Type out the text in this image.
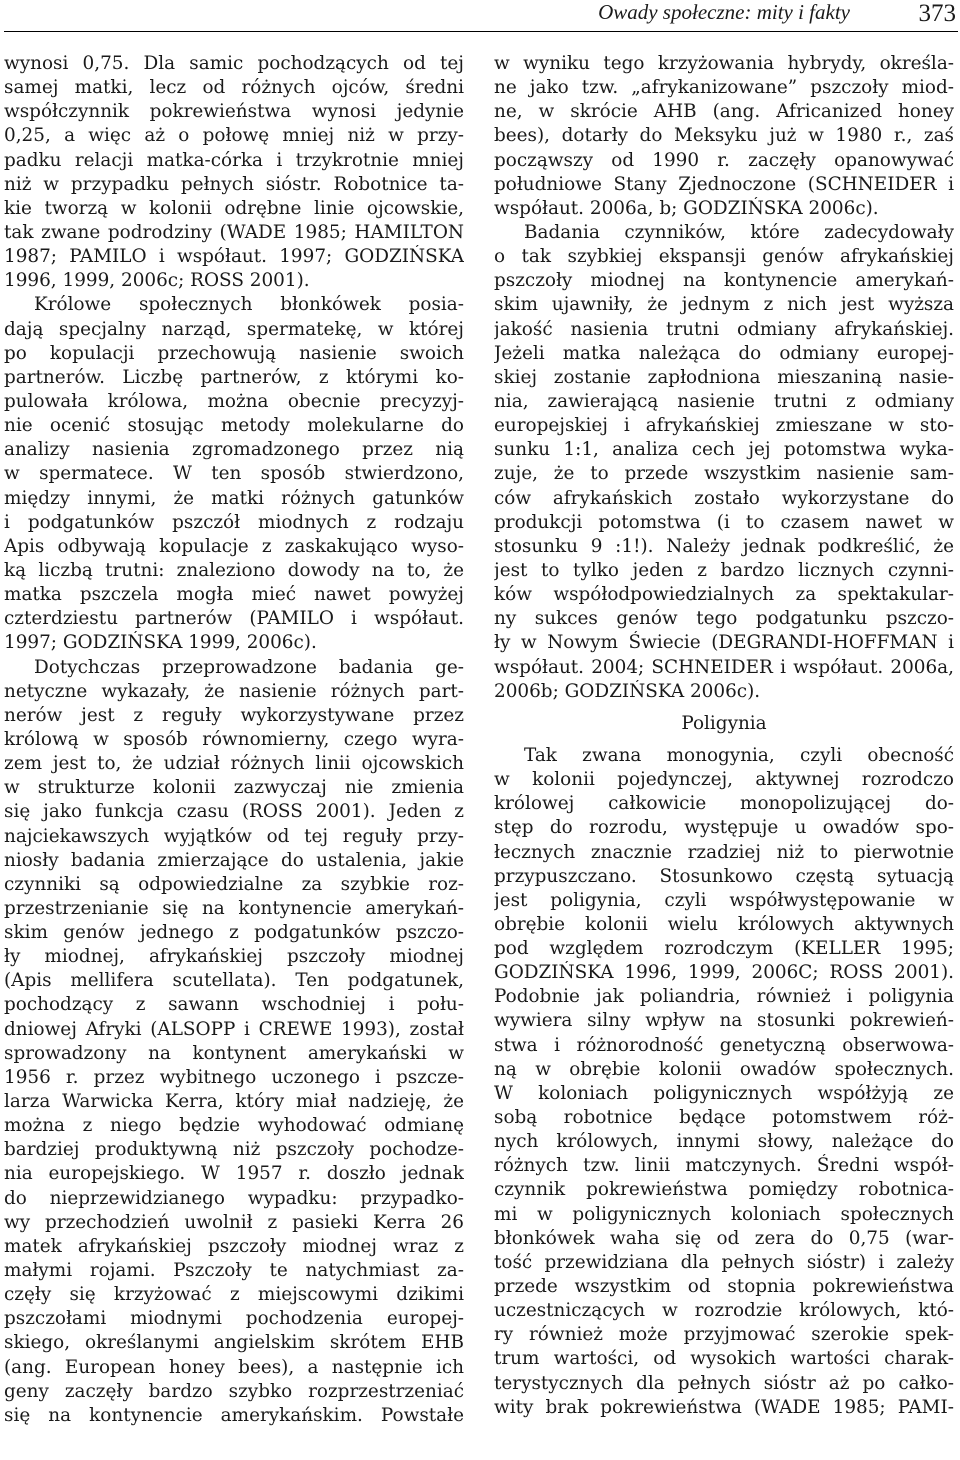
Owady społeczne: mity i fakty	373
wynosi 0,75. Dla samic pochodzących od tej
samej matki, lecz od różnych ojców, średni
współczynnik pokrewieństwa wynosi jedynie
0,25, a więc aż o połowę mniej niż w przy-
padku relacji matka-córka i trzykrotnie mniej
niż w przypadku pełnych sióstr. Robotnice ta-
kie tworzą w kolonii odrębne linie ojcowskie,
tak zwane podrodziny (WADE 1985; HAMILTON
1987; PAMILO i współaut. 1997; GODZIŃSKA
1996, 1999, 2006c; ROSS 2001).
Królowe społecznych błonkówek posia-
dają specjalny narząd, spermatekę, w której
po kopulacji przechowują nasienie swoich
partnerów. Liczbę partnerów, z którymi ko-
pulowała królowa, można obecnie precyzyj-
nie ocenić stosując metody molekularne do
analizy nasienia zgromadzonego przez nią
w spermatece. W ten sposób stwierdzono,
między innymi, że matki różnych gatunków
i podgatunków pszczół miodnych z rodzaju
Apis odbywają kopulacje z zaskakująco wyso-
ką liczbą trutni: znaleziono dowody na to, że
matka pszczela mogła mieć nawet powyżej
czterdziestu partnerów (PAMILO i współaut.
1997; GODZIŃSKA 1999, 2006c).
Dotychczas przeprowadzone badania ge-
netyczne wykazały, że nasienie różnych part-
nerów jest z reguły wykorzystywane przez
królową w sposób równomierny, czego wyra-
zem jest to, że udział różnych linii ojcowskich
w strukturze kolonii zazwyczaj nie zmienia
się jako funkcja czasu (ROSS 2001). Jeden z
najciekawszych wyjątków od tej reguły przy-
niosły badania zmierzające do ustalenia, jakie
czynniki są odpowiedzialne za szybkie roz-
przestrzenianie się na kontynencie amerykań-
skim genów jednego z podgatunków pszczo-
ły miodnej, afrykańskiej pszczoły miodnej
(Apis mellifera scutellata). Ten podgatunek,
pochodzący z sawann wschodniej i połu-
dniowej Afryki (ALSOPP i CREWE 1993), został
sprowadzony na kontynent amerykański w
1956 r. przez wybitnego uczonego i pszcze-
larza Warwicka Kerra, który miał nadzieję, że
można z niego będzie wyhodować odmianę
bardziej produktywną niż pszczoły pochodze-
nia europejskiego. W 1957 r. doszło jednak
do nieprzewidzianego wypadku: przypadko-
wy przechodzień uwolnił z pasieki Kerra 26
matek afrykańskiej pszczoły miodnej wraz z
małymi rojami. Pszczoły te natychmiast za-
częły się krzyżować z miejscowymi dzikimi
pszczołami miodnymi pochodzenia europej-
skiego, określanymi angielskim skrótem EHB
(ang. European honey bees), a następnie ich
geny zaczęły bardzo szybko rozprzestrzeniać
się na kontynencie amerykańskim. Powstałe
w wyniku tego krzyżowania hybrydy, określa-
ne jako tzw. „afrykanizowane” pszczoły miod-
ne, w skrócie AHB (ang. Africanized honey
bees), dotarły do Meksyku już w 1980 r., zaś
począwszy od 1990 r. zaczęły opanowywać
południowe Stany Zjednoczone (SCHNEIDER i
współaut. 2006a, b; GODZIŃSKA 2006c).
Badania czynników, które zadecydowały
o tak szybkiej ekspansji genów afrykańskiej
pszczoły miodnej na kontynencie amerykań-
skim ujawniły, że jednym z nich jest wyższa
jakość nasienia trutni odmiany afrykańskiej.
Jeżeli matka należąca do odmiany europej-
skiej zostanie zapłodniona mieszaniną nasie-
nia, zawierającą nasienie trutni z odmiany
europejskiej i afrykańskiej zmieszane w sto-
sunku 1:1, analiza cech jej potomstwa wyka-
zuje, że to przede wszystkim nasienie sam-
ców afrykańskich zostało wykorzystane do
produkcji potomstwa (i to czasem nawet w
stosunku 9 :1!). Należy jednak podkreślić, że
jest to tylko jeden z bardzo licznych czynni-
ków współodpowiedzialnych za spektakular-
ny sukces genów tego podgatunku pszczo-
ły w Nowym Świecie (DEGRANDI-HOFFMAN i
współaut. 2004; SCHNEIDER i współaut. 2006a,
2006b; GODZIŃSKA 2006c).
Poligynia
Tak zwana monogynia, czyli obecność
w kolonii pojedynczej, aktywnej rozrodczo
królowej całkowicie monopolizującej do-
stęp do rozrodu, występuje u owadów spo-
łecznych znacznie rzadziej niż to pierwotnie
przypuszczano. Stosunkowo częstą sytuacją
jest poligynia, czyli współwystępowanie w
obrębie kolonii wielu królowych aktywnych
pod względem rozrodczym (KELLER 1995;
GODZIŃSKA 1996, 1999, 2006C; ROSS 2001).
Podobnie jak poliandria, również i poligynia
wywiera silny wpływ na stosunki pokrewień-
stwa i różnorodność genetyczną obserwowa-
ną w obrębie kolonii owadów społecznych.
W koloniach poligynicznych współżyją ze
sobą robotnice będące potomstwem róż-
nych królowych, innymi słowy, należące do
różnych tzw. linii matczynych. Średni współ-
czynnik pokrewieństwa pomiędzy robotnica-
mi w poligynicznych koloniach społecznych
błonkówek waha się od zera do 0,75 (war-
tość przewidziana dla pełnych sióstr) i zależy
przede wszystkim od stopnia pokrewieństwa
uczestniczących w rozrodzie królowych, któ-
ry również może przyjmować szerokie spek-
trum wartości, od wysokich wartości charak-
terystycznych dla pełnych sióstr aż po całko-
wity brak pokrewieństwa (WADE 1985; PAMI-
